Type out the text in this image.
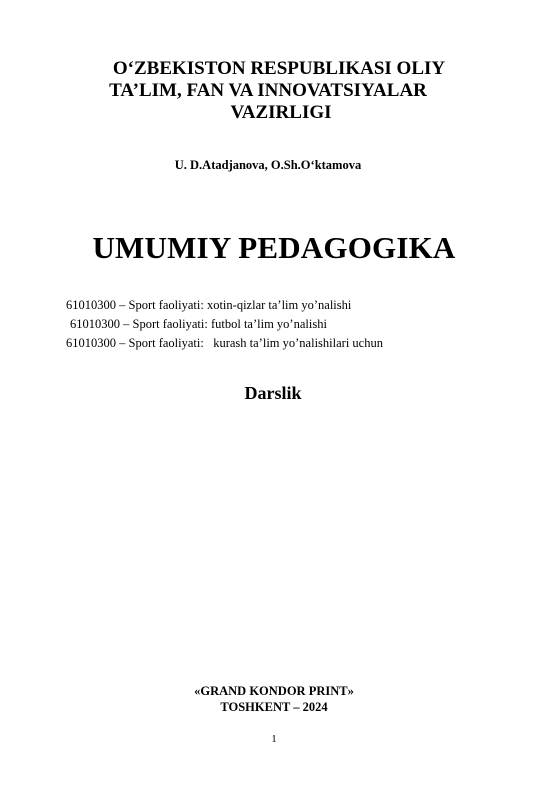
O‘ZBEKISTON RESPUBLIKASI OLIY
TA’LIM, FAN VA INNOVATSIYALAR
VAZIRLIGI
U. D.Atadjanova, O.Sh.O‘ktamova
UMUMIY PEDAGOGIKA
61010300 – Sport faoliyati: xotin-qizlar ta’lim yo’nalishi
61010300 – Sport faoliyati: futbol ta’lim yo’nalishi
61010300 – Sport faoliyati:   kurash ta’lim yo’nalishilari uchun
Darslik
«GRAND KONDOR PRINT»
TOSHKENT – 2024
1
